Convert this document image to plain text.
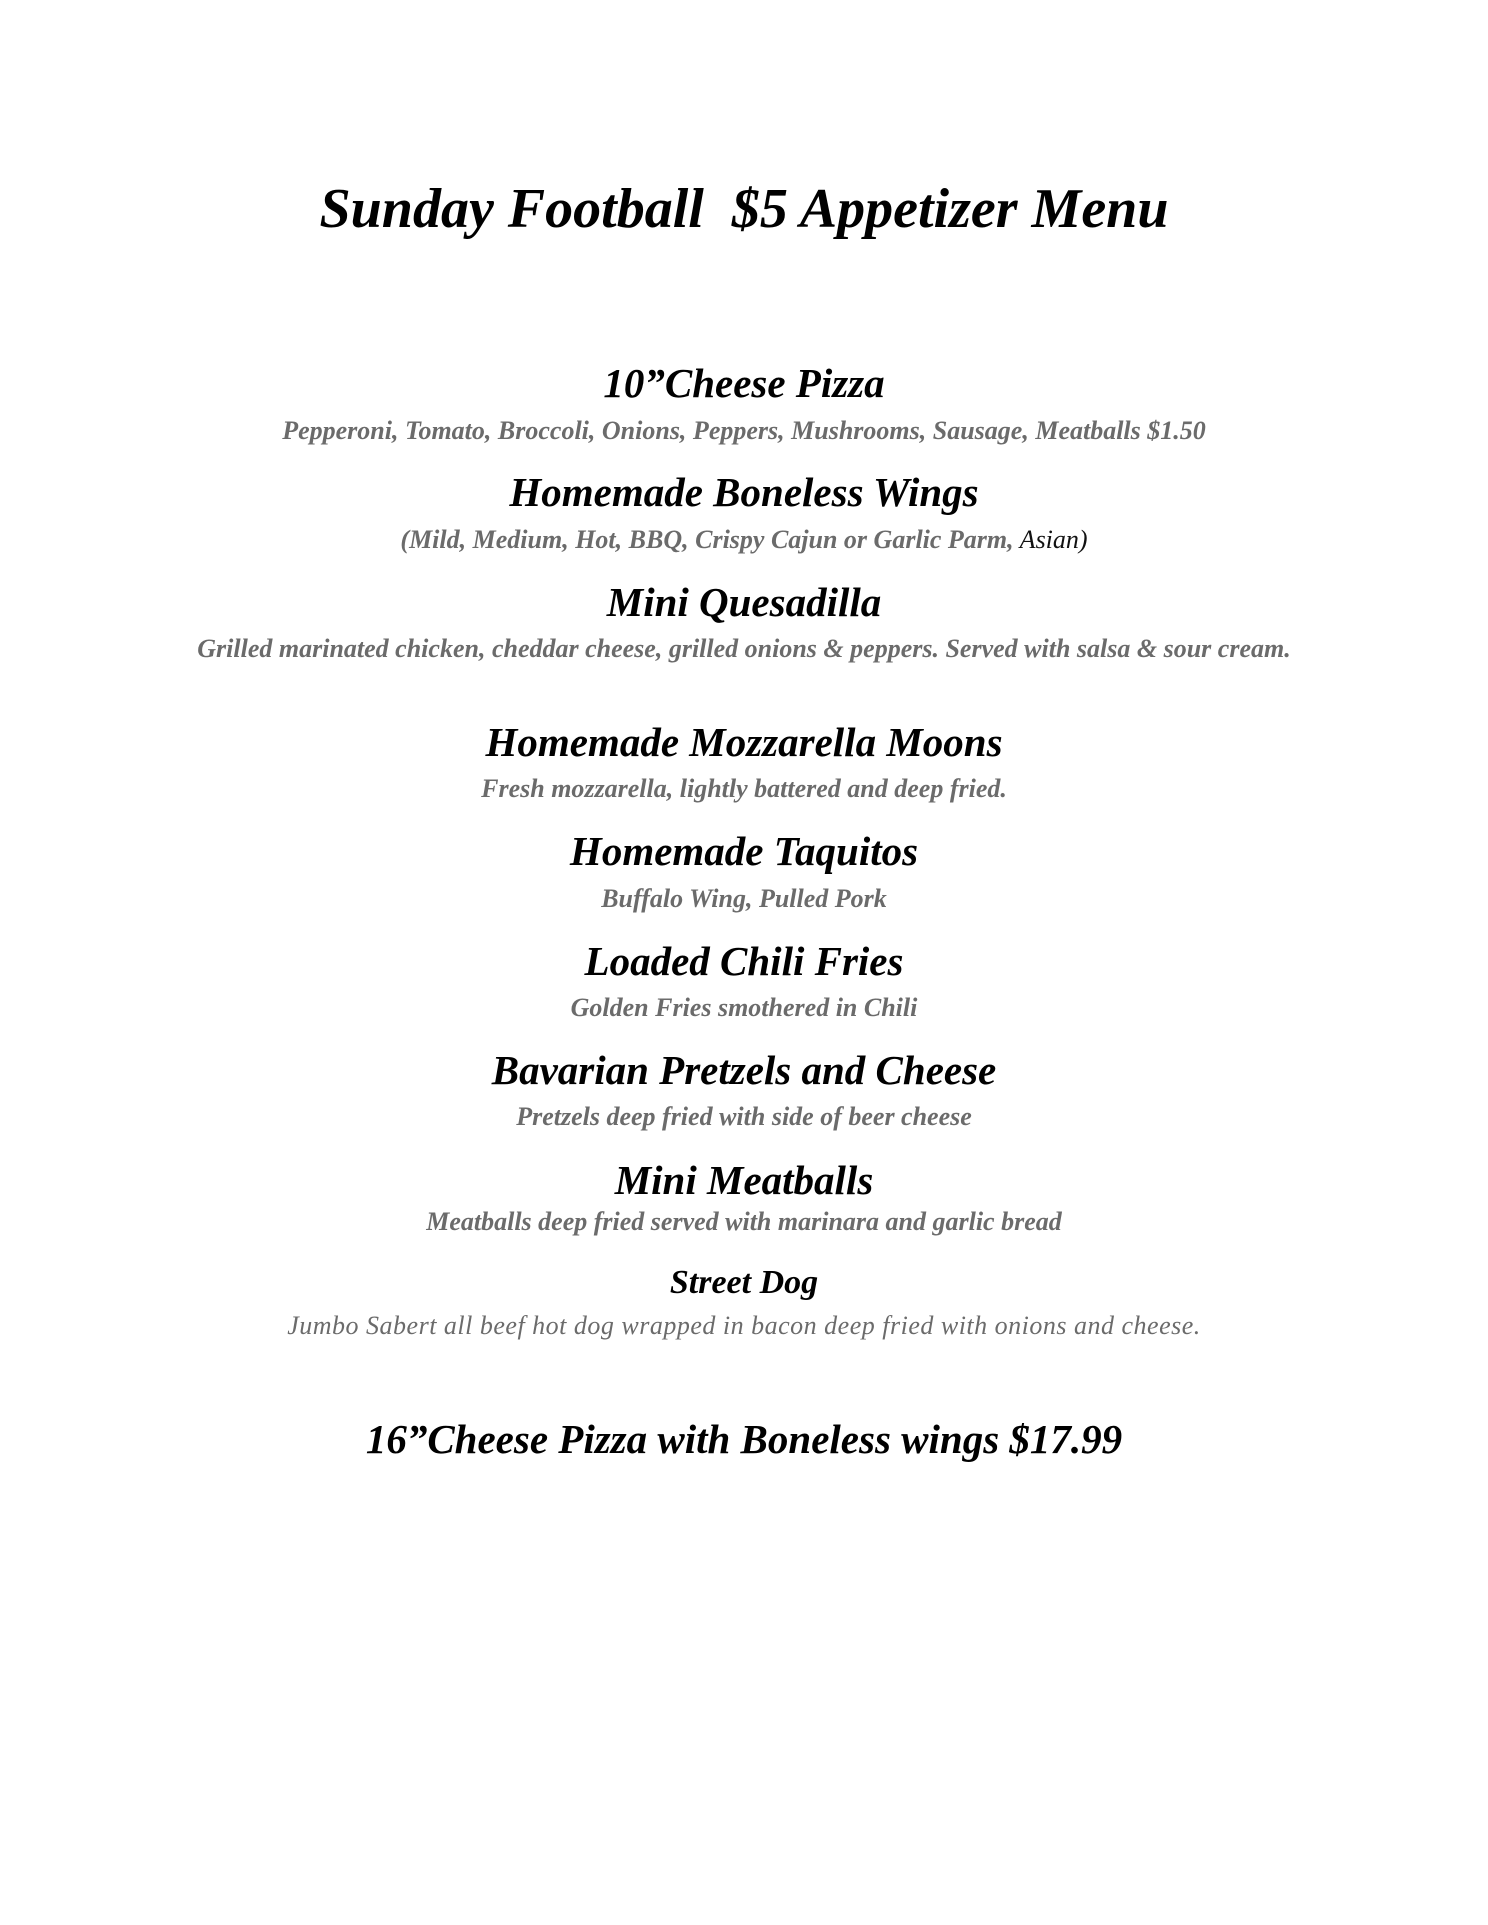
Sunday Football  $5 Appetizer Menu
10”Cheese Pizza
Pepperoni, Tomato, Broccoli, Onions, Peppers, Mushrooms, Sausage, Meatballs $1.50
Homemade Boneless Wings
(Mild, Medium, Hot, BBQ, Crispy Cajun or Garlic Parm, Asian)
Mini Quesadilla
Grilled marinated chicken, cheddar cheese, grilled onions & peppers. Served with salsa & sour cream.
Homemade Mozzarella Moons
Fresh mozzarella, lightly battered and deep fried.
Homemade Taquitos
Buffalo Wing, Pulled Pork
Loaded Chili Fries
Golden Fries smothered in Chili
Bavarian Pretzels and Cheese
Pretzels deep fried with side of beer cheese
Mini Meatballs
Meatballs deep fried served with marinara and garlic bread
Street Dog
Jumbo Sabert all beef hot dog wrapped in bacon deep fried with onions and cheese.
16”Cheese Pizza with Boneless wings $17.99
